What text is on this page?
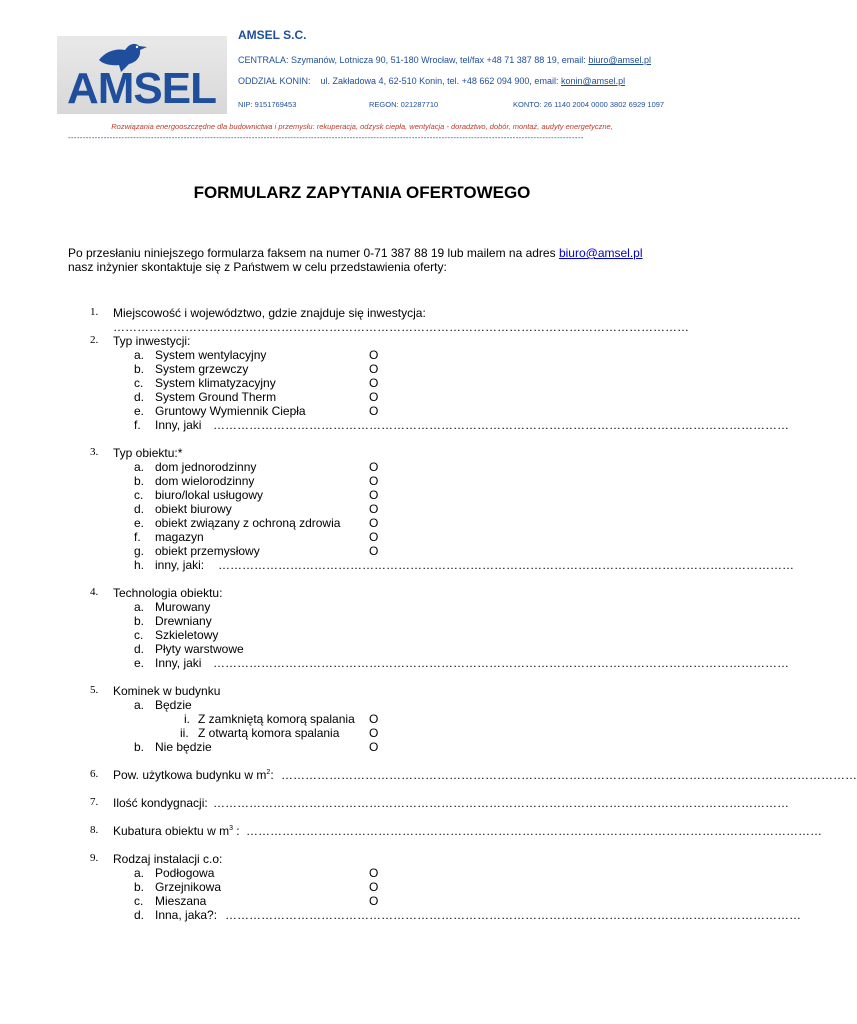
AMSEL
AMSEL S.C.
CENTRALA: Szymanów, Lotnicza 90, 51-180 Wrocław, tel/fax +48 71 387 88 19, email: biuro@amsel.pl
ODDZIAŁ KONIN: ul. Zakładowa 4, 62-510 Konin, tel. +48 662 094 900, email: konin@amsel.pl
NIP: 9151769453	REGON: 021287710	KONTO: 26 1140 2004 0000 3802 6929 1097
Rozwiązania energooszczędne dla budownictwa i przemysłu: rekuperacja, odzysk ciepła, wentylacja - doradztwo, dobór, montaż, audyty energetyczne,
------------------------------------------------------------------------------------------------------------------------------------------------------------------------------
FORMULARZ ZAPYTANIA OFERTOWEGO
Po przesłaniu niniejszego formularza faksem na numer 0-71 387 88 19 lub mailem na adres biuro@amsel.pl
nasz inżynier skontaktuje się z Państwem w celu przedstawienia oferty:
1. Miejscowość i województwo, gdzie znajduje się inwestycja:
………………………………………………………………………………………………………………………………
2. Typ inwestycji:
a. System wentylacyjny	O
b. System grzewczy	O
c. System klimatyzacyjny	O
d. System Ground Therm	O
e. Gruntowy Wymiennik Ciepła	O
f. Inny, jaki ………………………………………………………………………………………………………………………………
3. Typ obiektu:*
a. dom jednorodzinny	O
b. dom wielorodzinny	O
c. biuro/lokal usługowy	O
d. obiekt biurowy	O
e. obiekt związany z ochroną zdrowia O
f. magazyn	O
g. obiekt przemysłowy	O
h. inny, jaki: ………………………………………………………………………………………………………………………………
4. Technologia obiektu:
a. Murowany
b. Drewniany
c. Szkieletowy
d. Płyty warstwowe
e. Inny, jaki ………………………………………………………………………………………………………………………………
5. Kominek w budynku
a. Będzie
i. Z zamkniętą komorą spalania O
ii. Z otwartą komora spalania O
b. Nie będzie	O
6. Pow. użytkowa budynku w $m^2$: ………………………………………………………………………………………………………………………………
7. Ilość kondygnacji: ………………………………………………………………………………………………………………………………
8. Kubatura obiektu w $m^3$ : ………………………………………………………………………………………………………………………………
9. Rodzaj instalacji c.o:
a. Podłogowa	O
b. Grzejnikowa	O
c. Mieszana	O
d. Inna, jaka?: ………………………………………………………………………………………………………………………………
